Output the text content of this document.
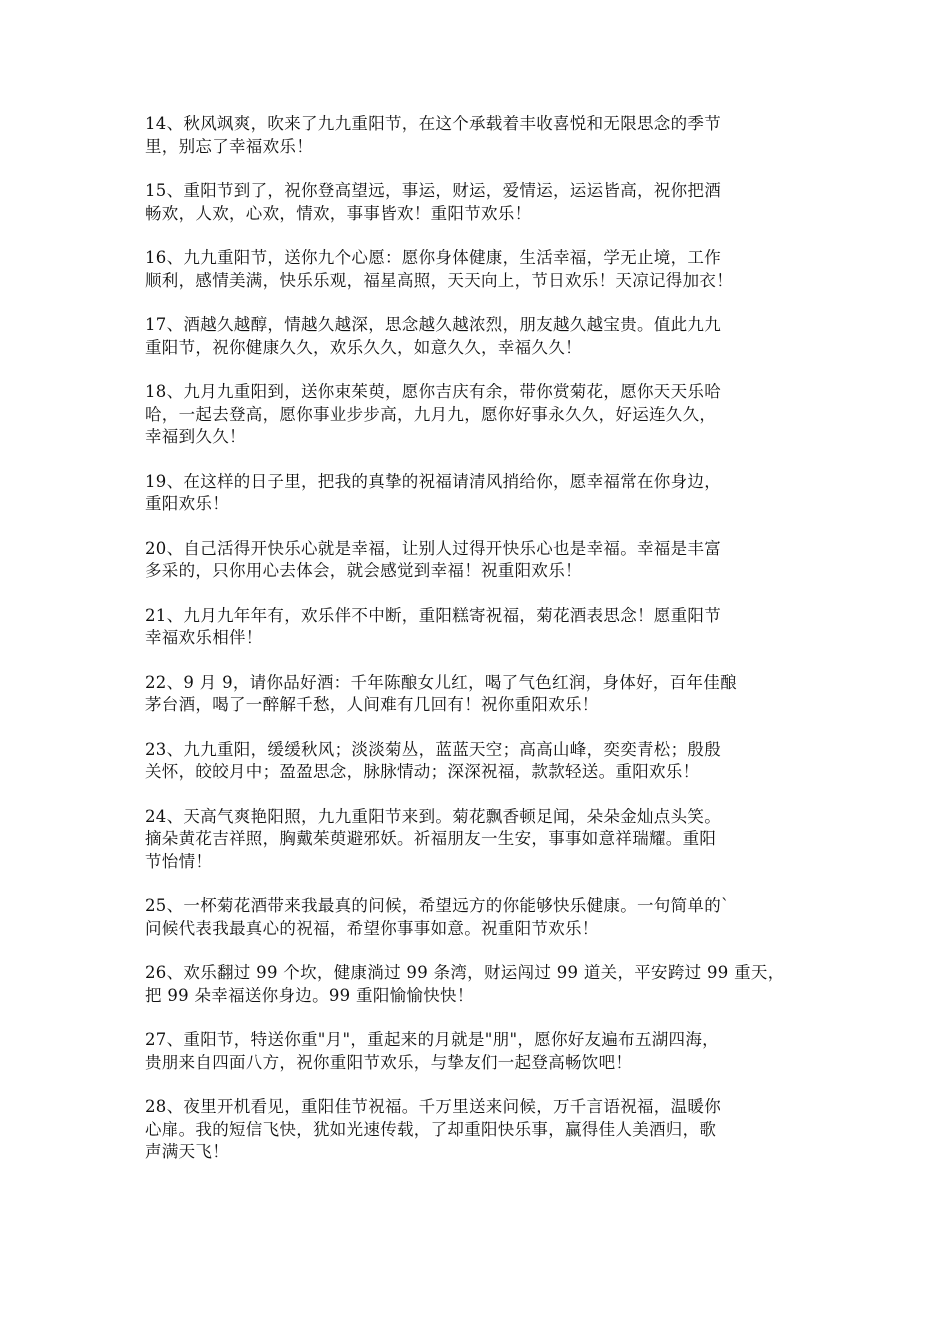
14、秋风飒爽，吹来了九九重阳节，在这个承载着丰收喜悦和无限思念的季节
里，别忘了幸福欢乐！

15、重阳节到了，祝你登高望远，事运，财运，爱情运，运运皆高，祝你把酒
畅欢，人欢，心欢，情欢，事事皆欢！重阳节欢乐！

16、九九重阳节，送你九个心愿：愿你身体健康，生活幸福，学无止境，工作
顺利，感情美满，快乐乐观，福星高照，天天向上，节日欢乐！天凉记得加衣！

17、酒越久越醇，情越久越深，思念越久越浓烈，朋友越久越宝贵。值此九九
重阳节，祝你健康久久，欢乐久久，如意久久，幸福久久！

18、九月九重阳到，送你束茱萸，愿你吉庆有余，带你赏菊花，愿你天天乐哈
哈，一起去登高，愿你事业步步高，九月九，愿你好事永久久，好运连久久，
幸福到久久！

19、在这样的日子里，把我的真挚的祝福请清风捎给你，愿幸福常在你身边，
重阳欢乐！

20、自己活得开快乐心就是幸福，让别人过得开快乐心也是幸福。幸福是丰富
多采的，只你用心去体会，就会感觉到幸福！祝重阳欢乐！

21、九月九年年有，欢乐伴不中断，重阳糕寄祝福，菊花酒表思念！愿重阳节
幸福欢乐相伴！

22、9 月 9，请你品好酒：千年陈酿女儿红，喝了气色红润，身体好，百年佳酿
茅台酒，喝了一醉解千愁，人间难有几回有！祝你重阳欢乐！

23、九九重阳，缓缓秋风；淡淡菊丛，蓝蓝天空；高高山峰，奕奕青松；殷殷
关怀，皎皎月中；盈盈思念，脉脉情动；深深祝福，款款轻送。重阳欢乐！

24、天高气爽艳阳照，九九重阳节来到。菊花飘香顿足闻，朵朵金灿点头笑。
摘朵黄花吉祥照，胸戴茱萸避邪妖。祈福朋友一生安，事事如意祥瑞耀。重阳
节怡情！

25、一杯菊花酒带来我最真的问候，希望远方的你能够快乐健康。一句简单的`
问候代表我最真心的祝福，希望你事事如意。祝重阳节欢乐！

26、欢乐翻过 99 个坎，健康淌过 99 条湾，财运闯过 99 道关，平安跨过 99 重天，
把 99 朵幸福送你身边。99 重阳愉愉快快！

27、重阳节，特送你重"月"，重起来的月就是"朋"，愿你好友遍布五湖四海，
贵朋来自四面八方，祝你重阳节欢乐，与挚友们一起登高畅饮吧！

28、夜里开机看见，重阳佳节祝福。千万里送来问候，万千言语祝福，温暖你
心扉。我的短信飞快，犹如光速传载，了却重阳快乐事，赢得佳人美酒归，歌
声满天飞！
